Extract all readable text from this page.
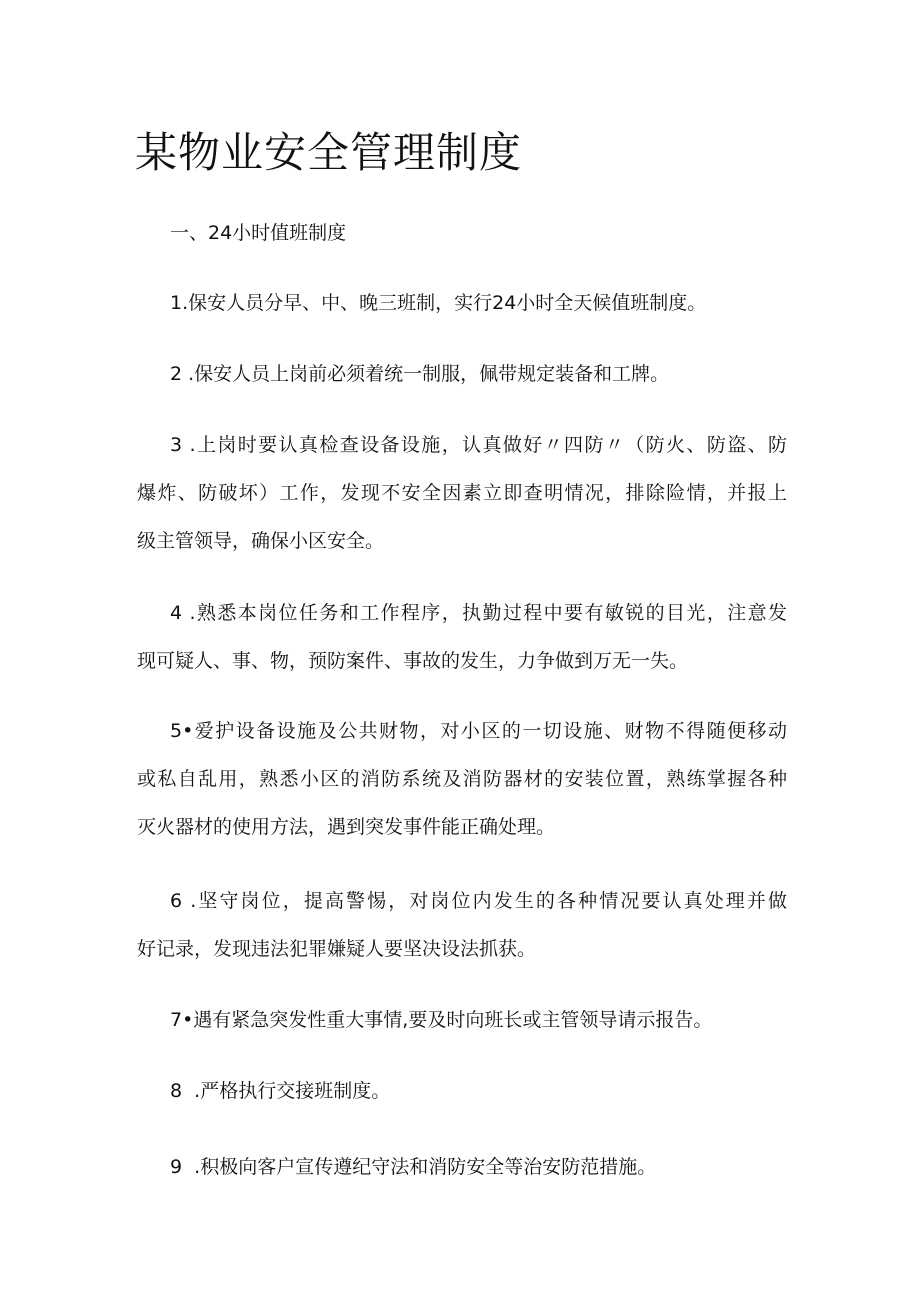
某物业安全管理制度
一、24小时值班制度
1.保安人员分早、中、晚三班制，实行24小时全天候值班制度。
2 .保安人员上岗前必须着统一制服，佩带规定装备和工牌。
3 .上岗时要认真检查设备设施，认真做好〃四防〃（防火、防盗、防
爆炸、防破坏）工作，发现不安全因素立即查明情况，排除险情，并报上
级主管领导，确保小区安全。
4 .熟悉本岗位任务和工作程序，执勤过程中要有敏锐的目光，注意发
现可疑人、事、物，预防案件、事故的发生，力争做到万无一失。
5•爱护设备设施及公共财物，对小区的一切设施、财物不得随便移动
或私自乱用，熟悉小区的消防系统及消防器材的安装位置，熟练掌握各种
灭火器材的使用方法，遇到突发事件能正确处理。
6 .坚守岗位，提高警惕，对岗位内发生的各种情况要认真处理并做
好记录，发现违法犯罪嫌疑人要坚决设法抓获。
7•遇有紧急突发性重大事情,要及时向班长或主管领导请示报告。
8  .严格执行交接班制度。
9  .积极向客户宣传遵纪守法和消防安全等治安防范措施。
